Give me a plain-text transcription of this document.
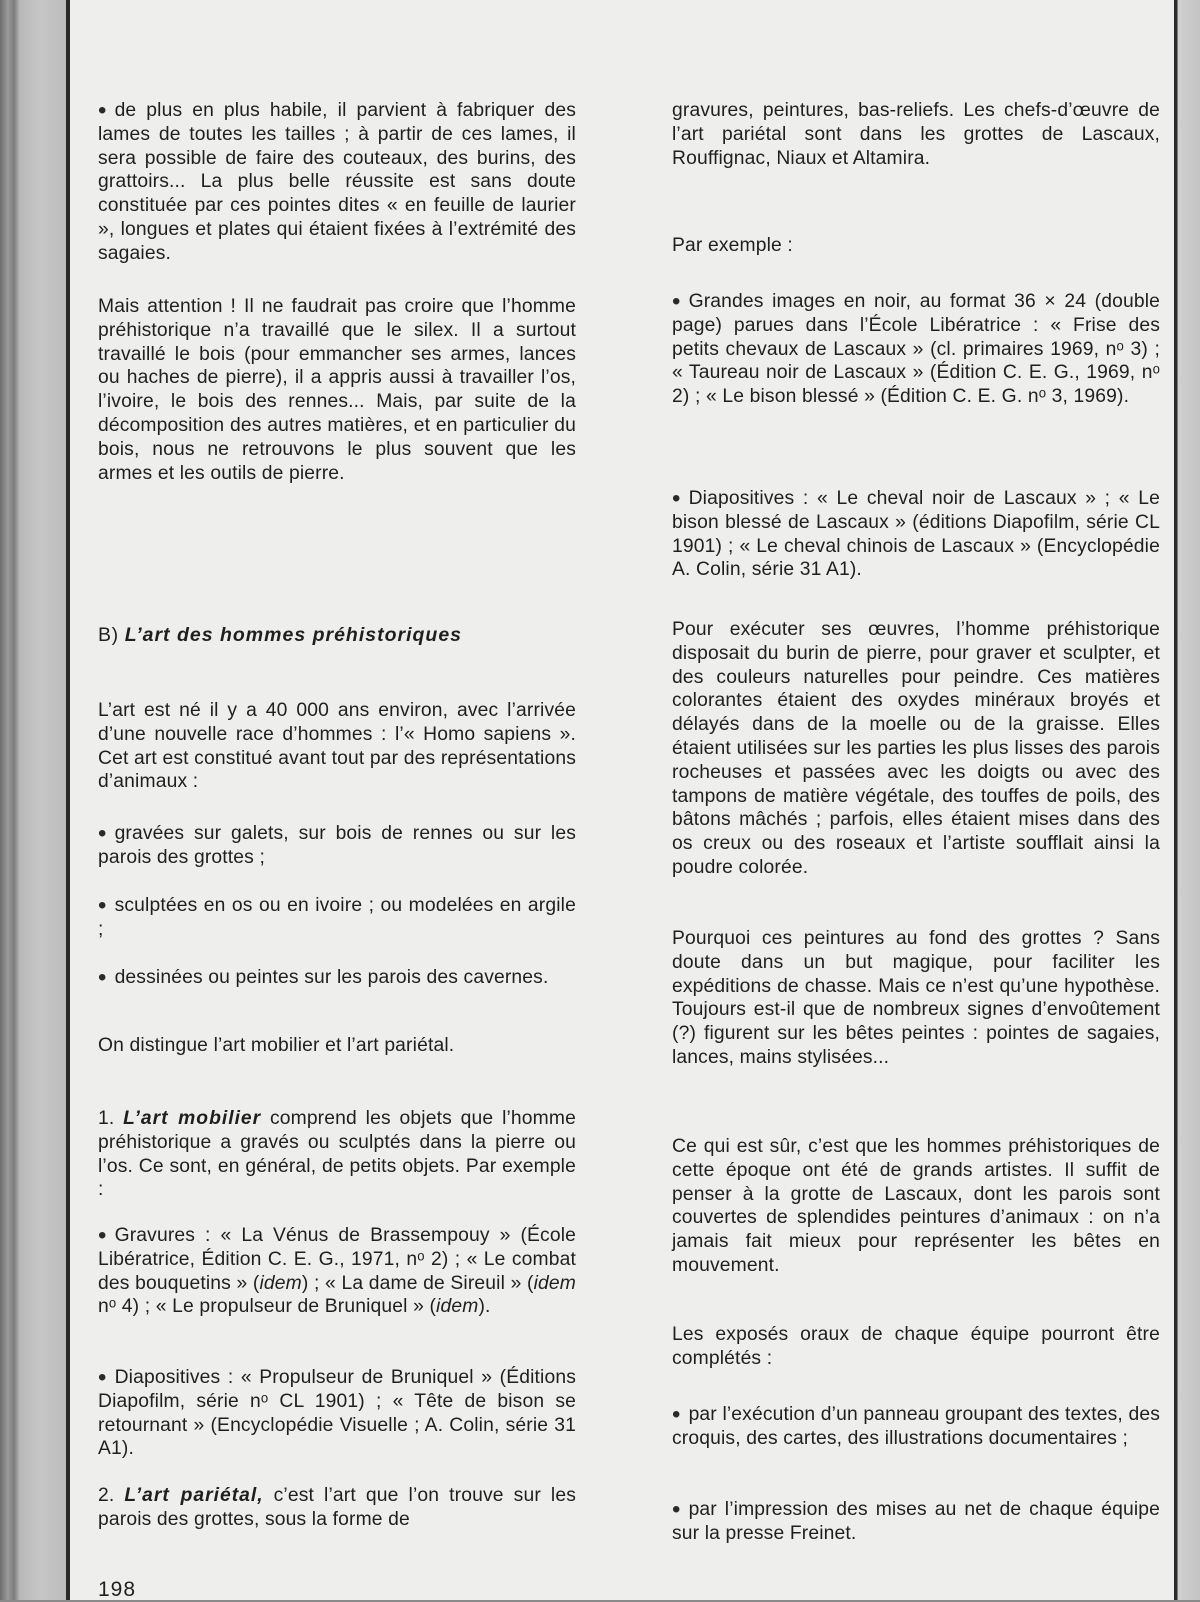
• de plus en plus habile, il parvient à fabriquer des lames de toutes les tailles ; à partir de ces lames, il sera possible de faire des couteaux, des burins, des grattoirs... La plus belle réussite est sans doute constituée par ces pointes dites « en feuille de laurier », longues et plates qui étaient fixées à l’extrémité des sagaies.

Mais attention ! Il ne faudrait pas croire que l’homme préhistorique n’a travaillé que le silex. Il a surtout travaillé le bois (pour emmancher ses armes, lances ou haches de pierre), il a appris aussi à travailler l’os, l’ivoire, le bois des rennes... Mais, par suite de la décomposition des autres matières, et en particulier du bois, nous ne retrouvons le plus souvent que les armes et les outils de pierre.

B) L’art des hommes préhistoriques

L’art est né il y a 40 000 ans environ, avec l’arrivée d’une nouvelle race d’hommes : l’« Homo sapiens ». Cet art est constitué avant tout par des représentations d’animaux :

• gravées sur galets, sur bois de rennes ou sur les parois des grottes ;

• sculptées en os ou en ivoire ; ou modelées en argile ;

• dessinées ou peintes sur les parois des cavernes.

On distingue l’art mobilier et l’art pariétal.

1. L’art mobilier comprend les objets que l’homme préhistorique a gravés ou sculptés dans la pierre ou l’os. Ce sont, en général, de petits objets. Par exemple :

• Gravures : « La Vénus de Brassempouy » (École Libératrice, Édition C. E. G., 1971, nᵒ 2) ; « Le combat des bouquetins » (idem) ; « La dame de Sireuil » (idem nᵒ 4) ; « Le propulseur de Bruniquel » (idem).

• Diapositives : « Propulseur de Bruniquel » (Éditions Diapofilm, série nᵒ CL 1901) ; « Tête de bison se retournant » (Encyclopédie Visuelle ; A. Colin, série 31 A1).

2. L’art pariétal, c’est l’art que l’on trouve sur les parois des grottes, sous la forme de

gravures, peintures, bas-reliefs. Les chefs-d’œuvre de l’art pariétal sont dans les grottes de Lascaux, Rouffignac, Niaux et Altamira.

Par exemple :

• Grandes images en noir, au format 36 × 24 (double page) parues dans l’École Libératrice : « Frise des petits chevaux de Lascaux » (cl. primaires 1969, nᵒ 3) ; « Taureau noir de Lascaux » (Édition C. E. G., 1969, nᵒ 2) ; « Le bison blessé » (Édition C. E. G. nᵒ 3, 1969).

• Diapositives : « Le cheval noir de Lascaux » ; « Le bison blessé de Lascaux » (éditions Diapofilm, série CL 1901) ; « Le cheval chinois de Lascaux » (Encyclopédie A. Colin, série 31 A1).

Pour exécuter ses œuvres, l’homme préhistorique disposait du burin de pierre, pour graver et sculpter, et des couleurs naturelles pour peindre. Ces matières colorantes étaient des oxydes minéraux broyés et délayés dans de la moelle ou de la graisse. Elles étaient utilisées sur les parties les plus lisses des parois rocheuses et passées avec les doigts ou avec des tampons de matière végétale, des touffes de poils, des bâtons mâchés ; parfois, elles étaient mises dans des os creux ou des roseaux et l’artiste soufflait ainsi la poudre colorée.

Pourquoi ces peintures au fond des grottes ? Sans doute dans un but magique, pour faciliter les expéditions de chasse. Mais ce n’est qu’une hypothèse. Toujours est-il que de nombreux signes d’envoûtement (?) figurent sur les bêtes peintes : pointes de sagaies, lances, mains stylisées...

Ce qui est sûr, c’est que les hommes préhistoriques de cette époque ont été de grands artistes. Il suffit de penser à la grotte de Lascaux, dont les parois sont couvertes de splendides peintures d’animaux : on n’a jamais fait mieux pour représenter les bêtes en mouvement.

Les exposés oraux de chaque équipe pourront être complétés :

• par l’exécution d’un panneau groupant des textes, des croquis, des cartes, des illustrations documentaires ;

• par l’impression des mises au net de chaque équipe sur la presse Freinet.

198
